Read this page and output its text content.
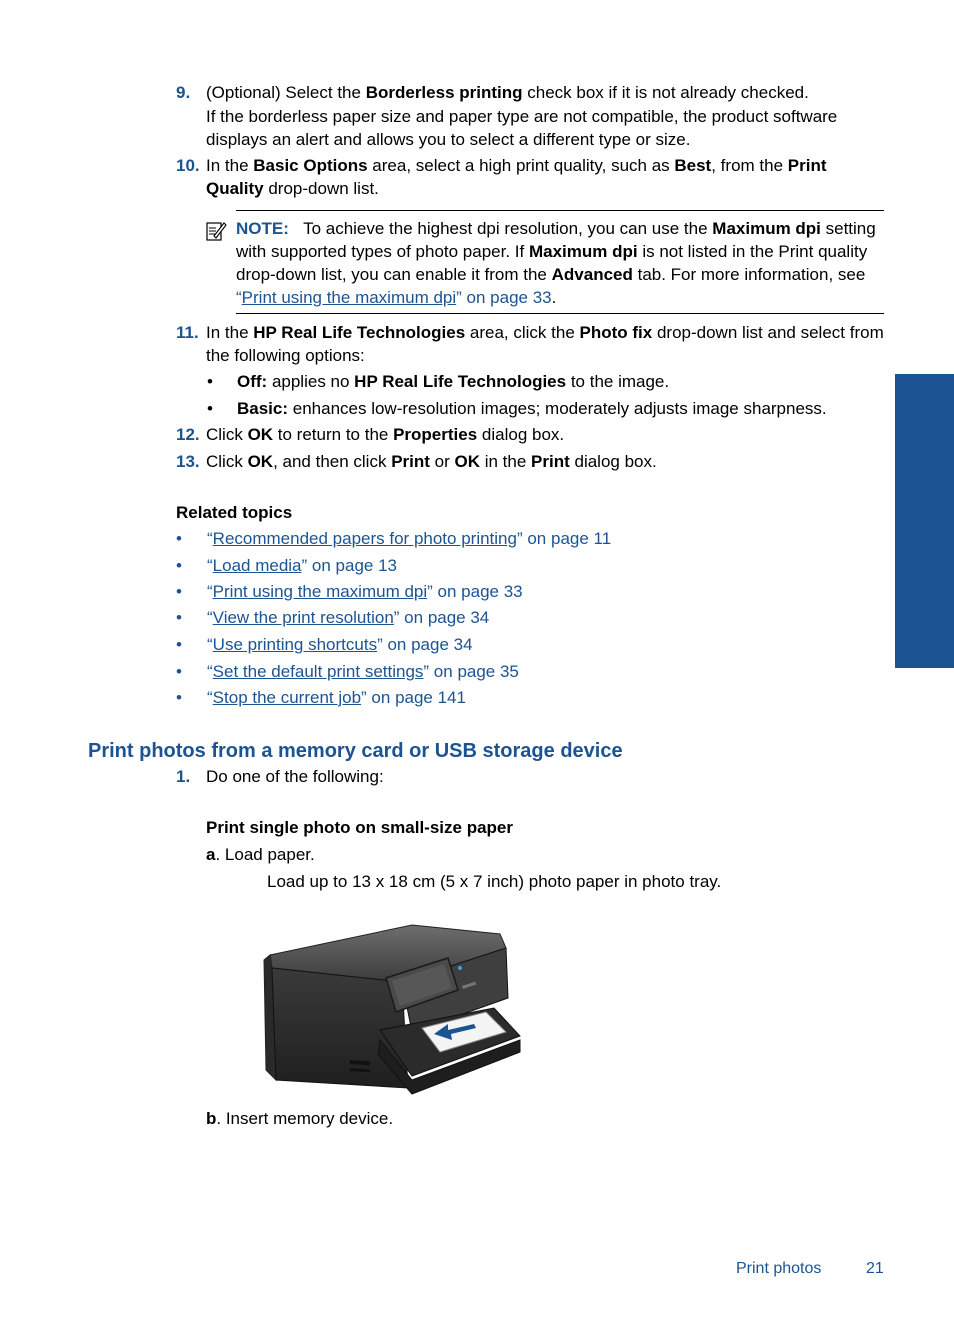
9. (Optional) Select the Borderless printing check box if it is not already checked.
If the borderless paper size and paper type are not compatible, the product software displays an alert and allows you to select a different type or size.
10. In the Basic Options area, select a high print quality, such as Best, from the Print Quality drop-down list.
NOTE: To achieve the highest dpi resolution, you can use the Maximum dpi setting with supported types of photo paper. If Maximum dpi is not listed in the Print quality drop-down list, you can enable it from the Advanced tab. For more information, see “Print using the maximum dpi” on page 33.
11. In the HP Real Life Technologies area, click the Photo fix drop-down list and select from the following options:
• Off: applies no HP Real Life Technologies to the image.
• Basic: enhances low-resolution images; moderately adjusts image sharpness.
12. Click OK to return to the Properties dialog box.
13. Click OK, and then click Print or OK in the Print dialog box.
Related topics
• “Recommended papers for photo printing” on page 11
• “Load media” on page 13
• “Print using the maximum dpi” on page 33
• “View the print resolution” on page 34
• “Use printing shortcuts” on page 34
• “Set the default print settings” on page 35
• “Stop the current job” on page 141
Print
Print photos from a memory card or USB storage device
1. Do one of the following:
Print single photo on small-size paper
a. Load paper.
Load up to 13 x 18 cm (5 x 7 inch) photo paper in photo tray.
b. Insert memory device.
Print photos	21
